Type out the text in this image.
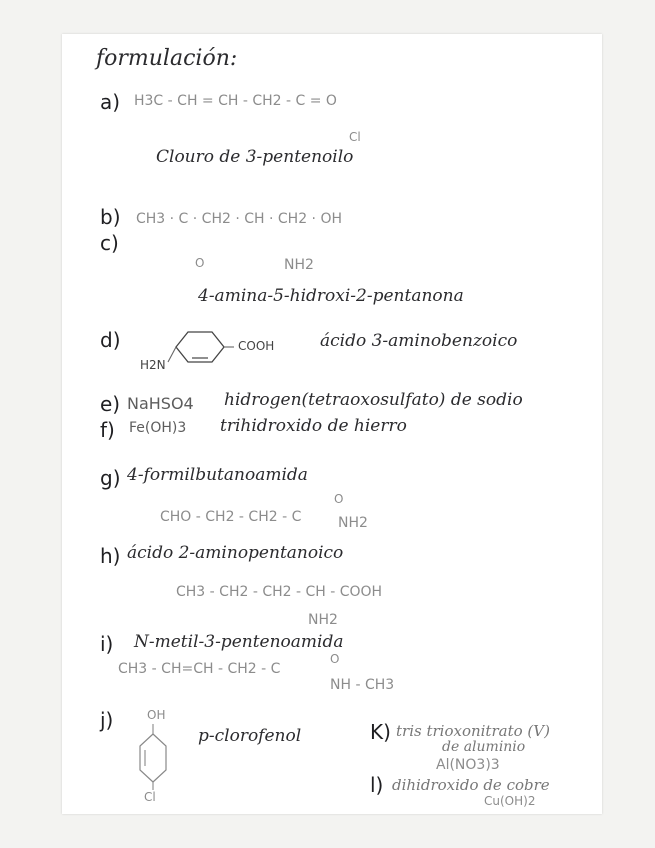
formulación:
a) H3C - CH = CH - CH2 - C = O
Cl
Clouro de 3-pentenoilo
b)
c)
CH3 · C · CH2 · CH · CH2 · OH
O	NH2
4-amina-5-hidroxi-2-pentanona
d)	COOH
H2N
ácido 3-aminobenzoico
e) NaHSO4 hidrogen(tetraoxosulfato) de sodio
f) Fe(OH)3 trihidroxido de hierro
g) 4-formilbutanoamida
CHO - CH2 - CH2 - C
O
NH2
h) ácido 2-aminopentanoico
CH3 - CH2 - CH2 - CH - COOH
NH2
i) N-metil-3-pentenoamida
CH3 - CH=CH - CH2 - C
O
NH - CH3
j)	OH
Cl
p-clorofenol	K) tris trioxonitrato (V)
de aluminio
Al(NO3)3
l) dihidroxido de cobre
Cu(OH)2
